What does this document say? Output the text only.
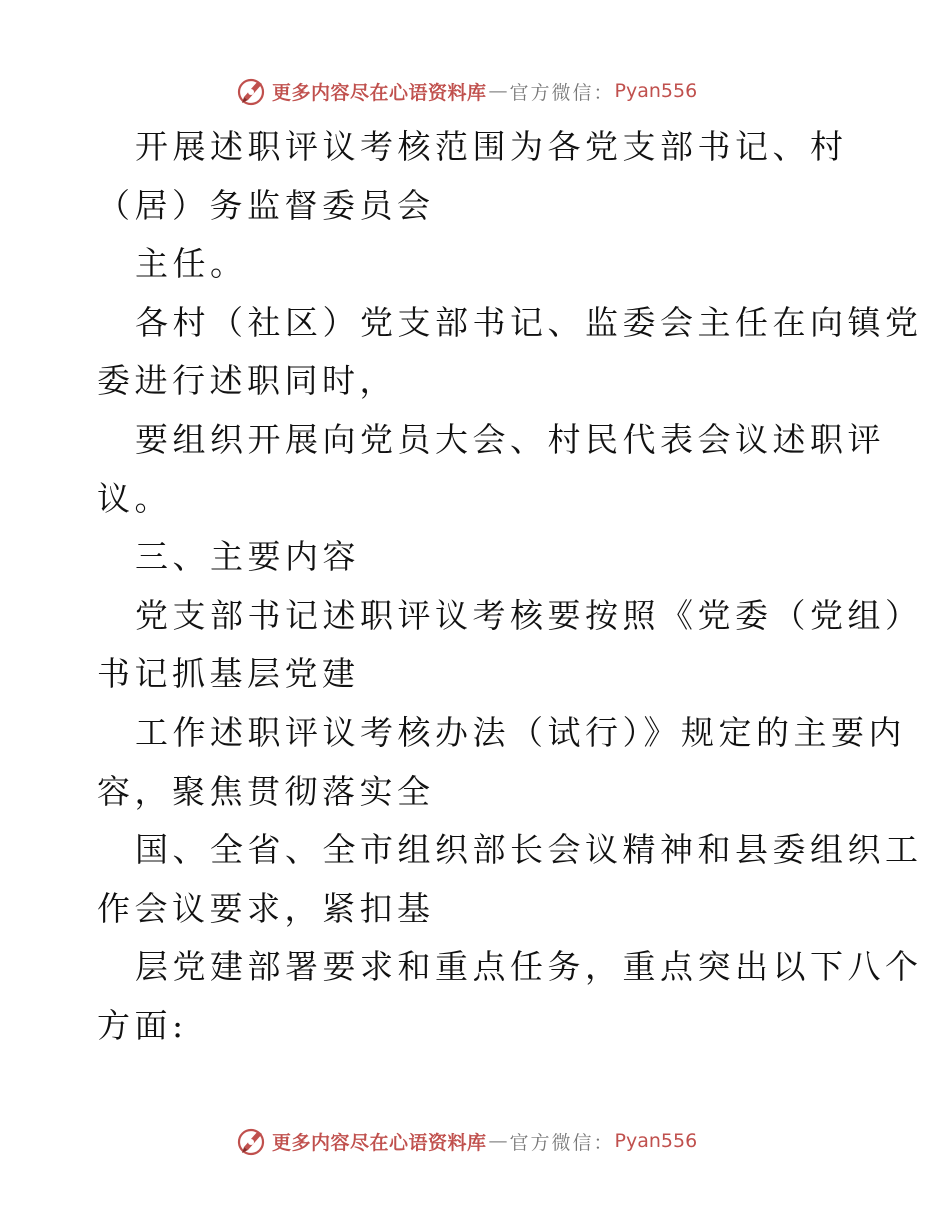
更多内容尽在心语资料库 — 官方微信： Pyan556
开展述职评议考核范围为各党支部书记、村
（居）务监督委员会
主任。
各村（社区）党支部书记、监委会主任在向镇党
委进行述职同时，
要组织开展向党员大会、村民代表会议述职评
议。
三、主要内容
党支部书记述职评议考核要按照《党委（党组）
书记抓基层党建
工作述职评议考核办法（试行）》规定的主要内
容，聚焦贯彻落实全
国、全省、全市组织部长会议精神和县委组织工
作会议要求，紧扣基
层党建部署要求和重点任务，重点突出以下八个
方面:
更多内容尽在心语资料库 — 官方微信： Pyan556
